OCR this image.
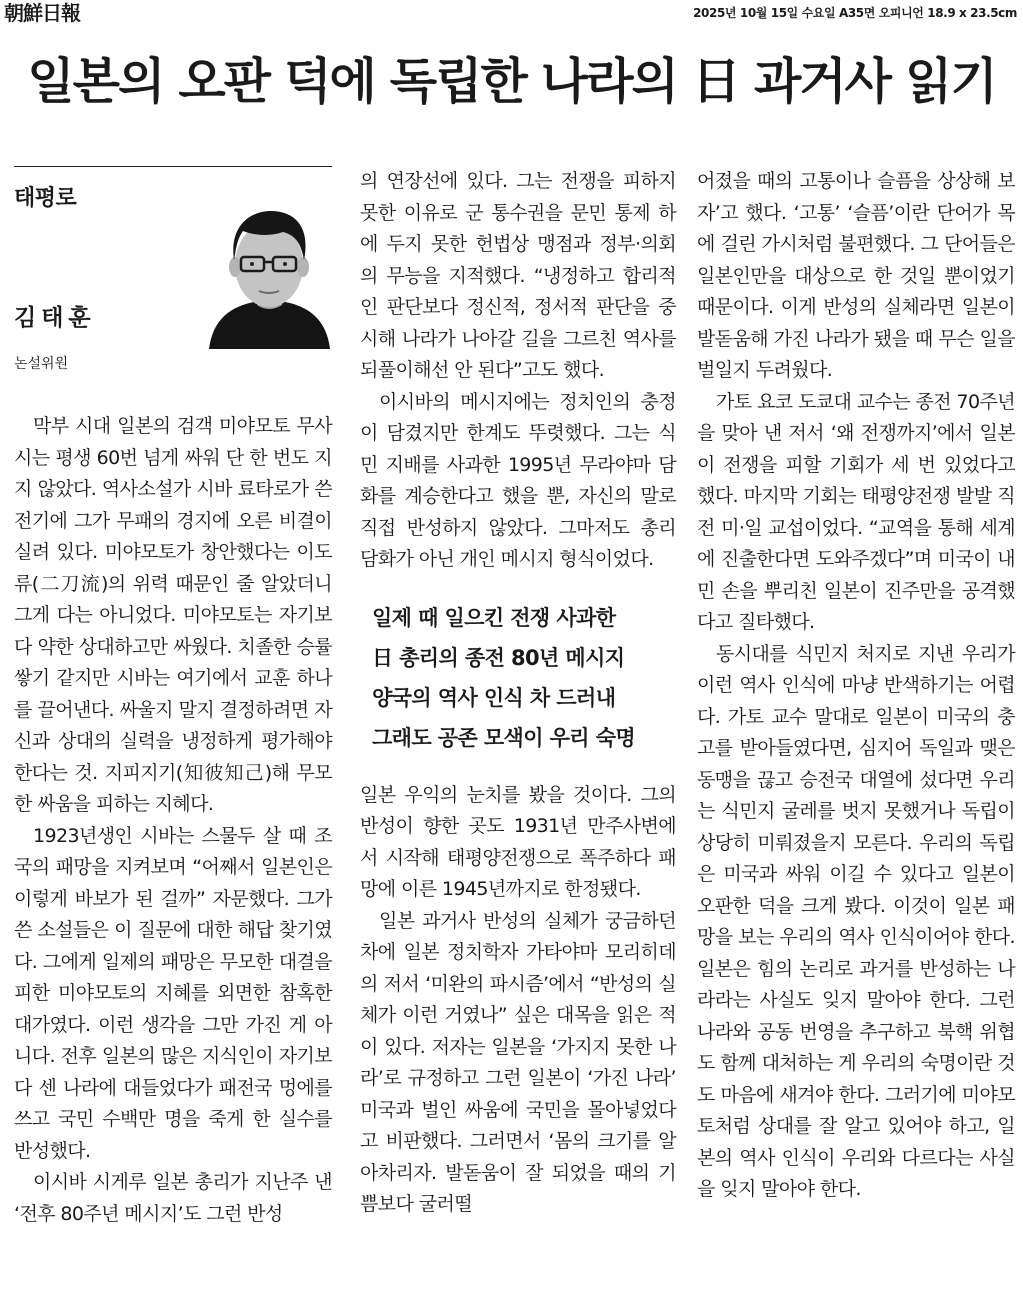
朝鮮日報	2025년 10월 15일 수요일 A35면 오피니언 18.9 x 23.5cm
일본의 오판 덕에 독립한 나라의 日 과거사 읽기
태평로
김태훈
논설위원

막부 시대 일본의 검객 미야모토 무사시는 평생 60번 넘게 싸워 단 한 번도 지지 않았다. 역사소설가 시바 료타로가 쓴 전기에 그가 무패의 경지에 오른 비결이 실려 있다. 미야모토가 창안했다는 이도류(二刀流)의 위력 때문인 줄 알았더니 그게 다는 아니었다. 미야모토는 자기보다 약한 상대하고만 싸웠다. 치졸한 승률 쌓기 같지만 시바는 여기에서 교훈 하나를 끌어낸다. 싸울지 말지 결정하려면 자신과 상대의 실력을 냉정하게 평가해야 한다는 것. 지피지기(知彼知己)해 무모한 싸움을 피하는 지혜다.

1923년생인 시바는 스물두 살 때 조국의 패망을 지켜보며 “어째서 일본인은 이렇게 바보가 된 걸까” 자문했다. 그가 쓴 소설들은 이 질문에 대한 해답 찾기였다. 그에게 일제의 패망은 무모한 대결을 피한 미야모토의 지혜를 외면한 참혹한 대가였다. 이런 생각을 그만 가진 게 아니다. 전후 일본의 많은 지식인이 자기보다 센 나라에 대들었다가 패전국 멍에를 쓰고 국민 수백만 명을 죽게 한 실수를 반성했다.

이시바 시게루 일본 총리가 지난주 낸 ‘전후 80주년 메시지’도 그런 반성

의 연장선에 있다. 그는 전쟁을 피하지 못한 이유로 군 통수권을 문민 통제 하에 두지 못한 헌법상 맹점과 정부·의회의 무능을 지적했다. “냉정하고 합리적인 판단보다 정신적, 정서적 판단을 중시해 나라가 나아갈 길을 그르친 역사를 되풀이해선 안 된다”고도 했다.

이시바의 메시지에는 정치인의 충정이 담겼지만 한계도 뚜렷했다. 그는 식민 지배를 사과한 1995년 무라야마 담화를 계승한다고 했을 뿐, 자신의 말로 직접 반성하지 않았다. 그마저도 총리 담화가 아닌 개인 메시지 형식이었다.

일제 때 일으킨 전쟁 사과한
日 총리의 종전 80년 메시지
양국의 역사 인식 차 드러내
그래도 공존 모색이 우리 숙명

일본 우익의 눈치를 봤을 것이다. 그의 반성이 향한 곳도 1931년 만주사변에서 시작해 태평양전쟁으로 폭주하다 패망에 이른 1945년까지로 한정됐다.

일본 과거사 반성의 실체가 궁금하던 차에 일본 정치학자 가타야마 모리히데의 저서 ‘미완의 파시즘’에서 “반성의 실체가 이런 거였나” 싶은 대목을 읽은 적이 있다. 저자는 일본을 ‘가지지 못한 나라’로 규정하고 그런 일본이 ‘가진 나라’ 미국과 벌인 싸움에 국민을 몰아넣었다고 비판했다. 그러면서 ‘몸의 크기를 알아차리자. 발돋움이 잘 되었을 때의 기쁨보다 굴러떨

어졌을 때의 고통이나 슬픔을 상상해 보자’고 했다. ‘고통’ ‘슬픔’이란 단어가 목에 걸린 가시처럼 불편했다. 그 단어들은 일본인만을 대상으로 한 것일 뿐이었기 때문이다. 이게 반성의 실체라면 일본이 발돋움해 가진 나라가 됐을 때 무슨 일을 벌일지 두려웠다.

가토 요코 도쿄대 교수는 종전 70주년을 맞아 낸 저서 ‘왜 전쟁까지’에서 일본이 전쟁을 피할 기회가 세 번 있었다고 했다. 마지막 기회는 태평양전쟁 발발 직전 미·일 교섭이었다. “교역을 통해 세계에 진출한다면 도와주겠다”며 미국이 내민 손을 뿌리친 일본이 진주만을 공격했다고 질타했다.

동시대를 식민지 처지로 지낸 우리가 이런 역사 인식에 마냥 반색하기는 어렵다. 가토 교수 말대로 일본이 미국의 충고를 받아들였다면, 심지어 독일과 맺은 동맹을 끊고 승전국 대열에 섰다면 우리는 식민지 굴레를 벗지 못했거나 독립이 상당히 미뤄졌을지 모른다. 우리의 독립은 미국과 싸워 이길 수 있다고 일본이 오판한 덕을 크게 봤다. 이것이 일본 패망을 보는 우리의 역사 인식이어야 한다. 일본은 힘의 논리로 과거를 반성하는 나라라는 사실도 잊지 말아야 한다. 그런 나라와 공동 번영을 추구하고 북핵 위협도 함께 대처하는 게 우리의 숙명이란 것도 마음에 새겨야 한다. 그러기에 미야모토처럼 상대를 잘 알고 있어야 하고, 일본의 역사 인식이 우리와 다르다는 사실을 잊지 말아야 한다.
